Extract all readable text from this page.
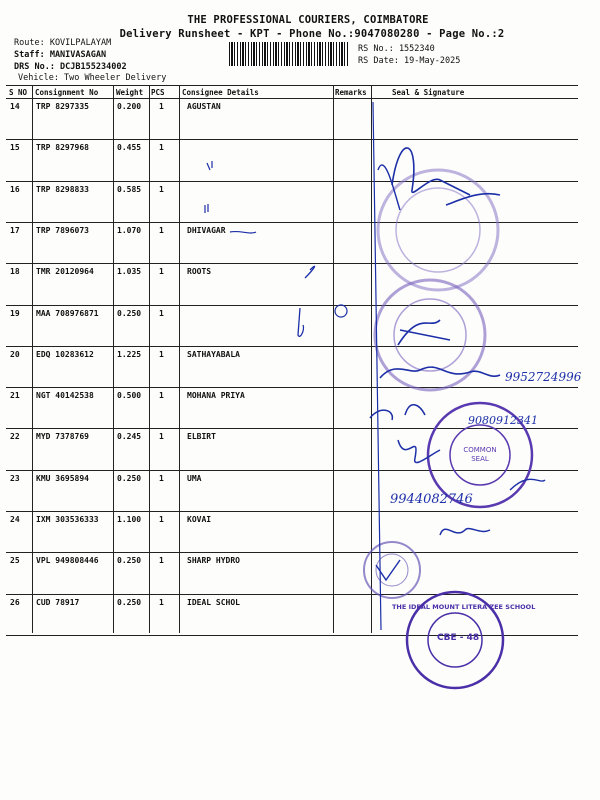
THE PROFESSIONAL COURIERS, COIMBATORE
Delivery Runsheet - KPT - Phone No.:9047080280 - Page No.:2
Route: KOVILPALAYAM
Staff: MANIVASAGAN
DRS No.: DCJB155234002
Vehicle: Two Wheeler Delivery
RS No.: 1552340
RS Date: 19-May-2025
S NO Consignment No Weight PCS Consignee Details	Remarks	Seal & Signature
14 TRP 8297335	0.200 1	AGUSTAN
15 TRP 8297968	0.455 1
16 TRP 8298833	0.585 1
17 TRP 7896073	1.070 1	DHIVAGAR
18 TMR 20120964	1.035 1	ROOTS
19 MAA 708976871 0.250 1
20 EDQ 10283612	1.225 1	SATHAYABALA
21 NGT 40142538	0.500 1	MOHANA PRIYA
22 MYD 7378769	0.245 1	ELBIRT
23 KMU 3695894	0.250 1	UMA
24 IXM 303536333 1.100 1	KOVAI
25 VPL 949808446 0.250 1	SHARP HYDRO
26 CUD 78917	0.250 1	IDEAL SCHOL
9952724996
9080912341
9944082746
COMMON SEAL
THE IDEAL MOUNT LITERA ZEE SCHOOL
CBE - 48
